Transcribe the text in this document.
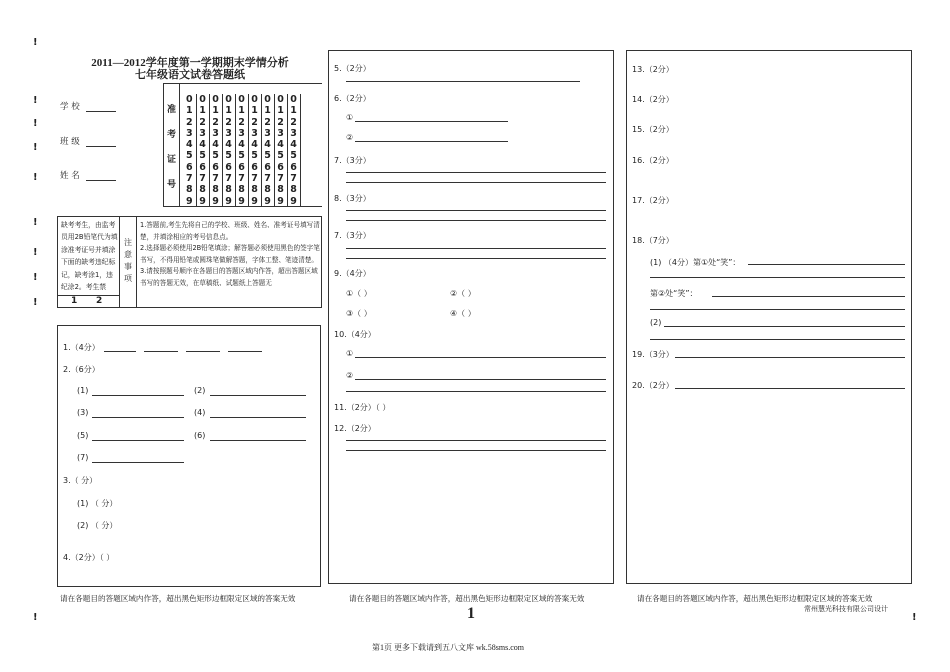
!
!
!
!
!
!
!
!
!
!	!
2011—2012学年度第一学期期末学情分析
七年级语文试卷答题纸
学 校
班 级
姓 名
准
考
证
号
0	0	0	0	0	0	0	0	0
1	1	1	1	1	1	1	1	1
2	2	2	2	2	2	2	2	2
3	3	3	3	3	3	3	3	3
4	4	4	4	4	4	4	4	4
5	5	5	5	5	5	5	5	5
6	6	6	6	6	6	6	6	6
7	7	7	7	7	7	7	7	7
8	8	8	8	8	8	8	8	8
9	9	9	9	9	9	9	9	9
缺考考生，由监考员用2B铅笔代为填涂准考证号并填涂下面的缺考违纪标记，缺考涂1，违纪涂2。考生禁
1 2
注
意
事
项
1.答题前,考生先将自己的学校、班级、姓名、准考证号填写清楚，并填涂相应的考号信息点。
2.选择题必须使用2B铅笔填涂；解答题必须使用黑色的签字笔书写，不得用铅笔或圆珠笔做解答题，字体工整、笔迹清楚。
3.请按照题号顺序在各题目的答题区域内作答，超出答题区域书写的答题无效，在草稿纸、试题纸上答题无
1.（4分）
2.（6分）
(1)	(2)
(3)	(4)
(5)	(6)
(7)
3.（ 分）
(1) （ 分）
(2) （ 分）
4.（2分）（ ）
请在各题目的答题区域内作答，超出黑色矩形边框限定区域的答案无效
5.（2分）
6.（2分）
①
②
7.（3分）
8.（3分）
7.（3分）
9.（4分）
①（ ）	②（ ）
③（ ）	④（ ）
10.（4分）
①
②
11.（2分）（ ）
12.（2分）
请在各题目的答题区域内作答，超出黑色矩形边框限定区域的答案无效
1
13.（2分）
14.（2分）
15.（2分）
16.（2分）
17.（2分）
18.（7分）
(1) （4分）第①处“笑”：
第②处“笑”：
(2)
19.（3分）
20.（2分）
请在各题目的答题区域内作答，超出黑色矩形边框限定区域的答案无效
常州慧光科技有限公司设计
第1页 更多下载请到五八文库 wk.58sms.com
